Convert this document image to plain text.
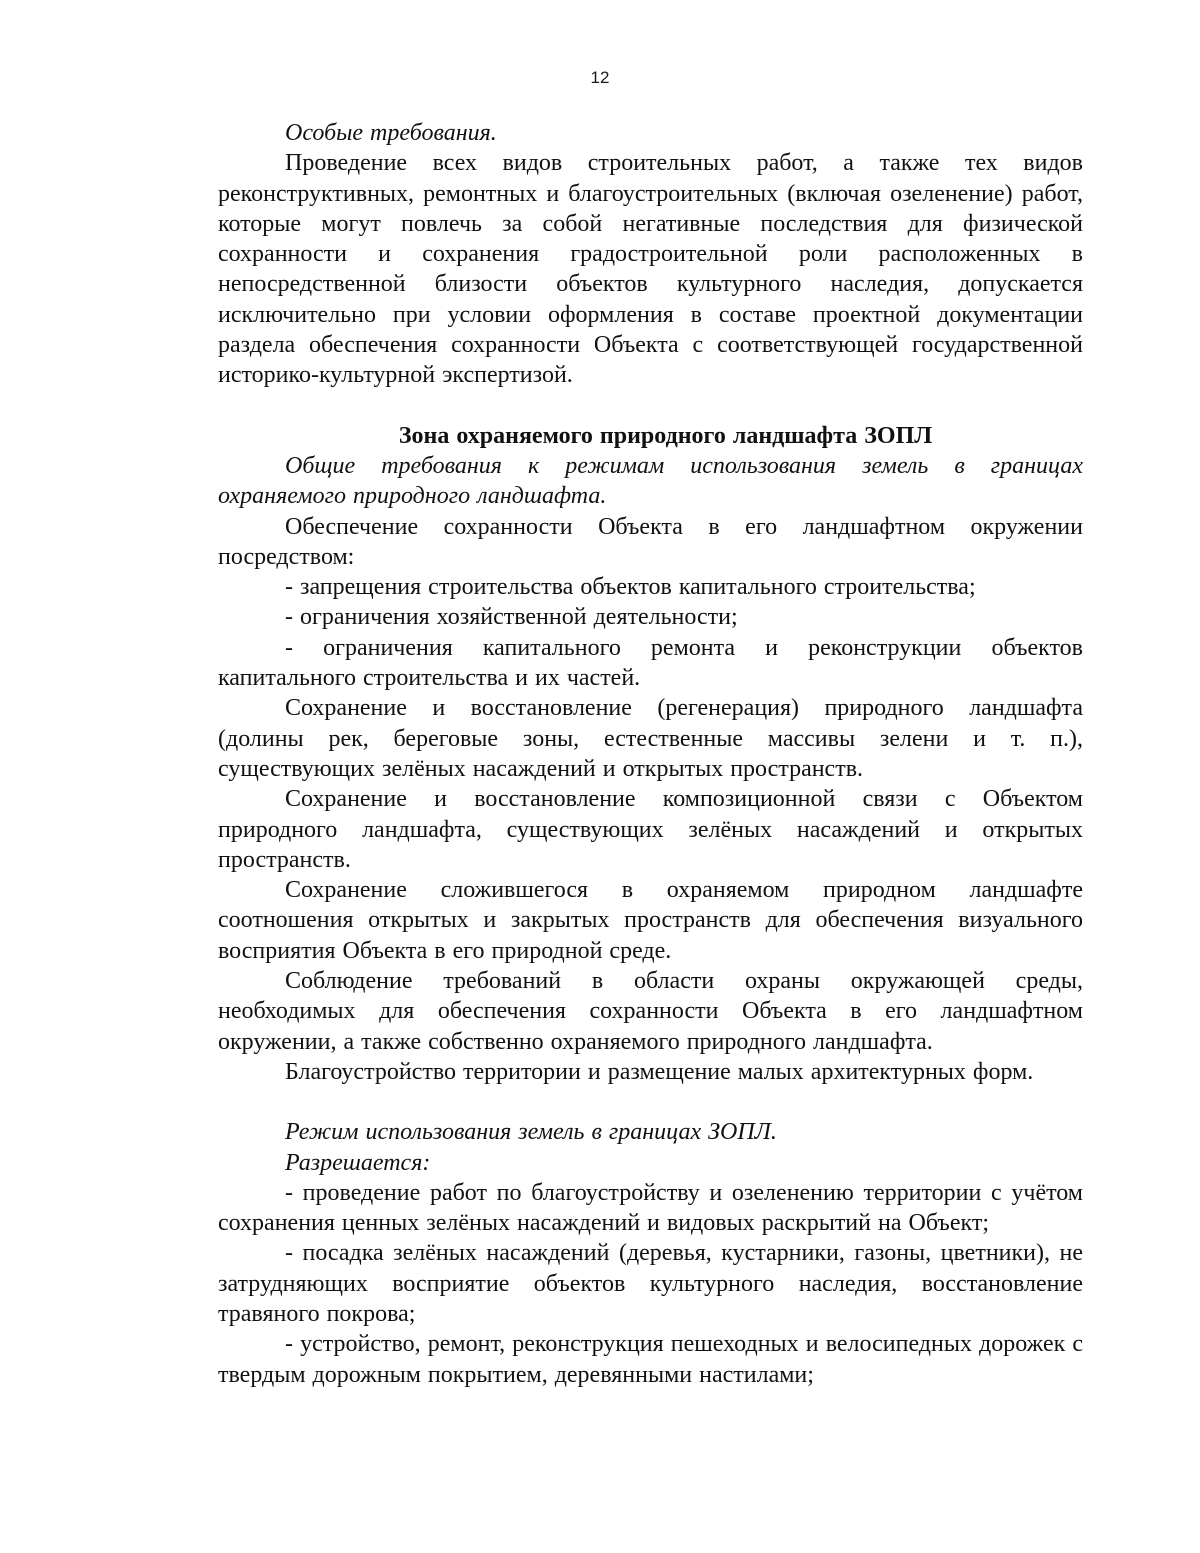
12

Особые требования.

Проведение всех видов строительных работ, а также тех видов реконструктивных, ремонтных и благоустроительных (включая озеленение) работ, которые могут повлечь за собой негативные последствия для физической сохранности и сохранения градостроительной роли расположенных в непосредственной близости объектов культурного наследия, допускается исключительно при условии оформления в составе проектной документации раздела обеспечения сохранности Объекта с соответствующей государственной историко-культурной экспертизой.

Зона охраняемого природного ландшафта ЗОПЛ

Общие требования к режимам использования земель в границах охраняемого природного ландшафта.

Обеспечение сохранности Объекта в его ландшафтном окружении посредством:

- запрещения строительства объектов капитального строительства;

- ограничения хозяйственной деятельности;

- ограничения капитального ремонта и реконструкции объектов капитального строительства и их частей.

Сохранение и восстановление (регенерация) природного ландшафта (долины рек, береговые зоны, естественные массивы зелени и т. п.), существующих зелёных насаждений и открытых пространств.

Сохранение и восстановление композиционной связи с Объектом природного ландшафта, существующих зелёных насаждений и открытых пространств.

Сохранение сложившегося в охраняемом природном ландшафте соотношения открытых и закрытых пространств для обеспечения визуального восприятия Объекта в его природной среде.

Соблюдение требований в области охраны окружающей среды, необходимых для обеспечения сохранности Объекта в его ландшафтном окружении, а также собственно охраняемого природного ландшафта.

Благоустройство территории и размещение малых архитектурных форм.

Режим использования земель в границах ЗОПЛ.

Разрешается:

- проведение работ по благоустройству и озеленению территории с учётом сохранения ценных зелёных насаждений и видовых раскрытий на Объект;

- посадка зелёных насаждений (деревья, кустарники, газоны, цветники), не затрудняющих восприятие объектов культурного наследия, восстановление травяного покрова;

- устройство, ремонт, реконструкция пешеходных и велосипедных дорожек с твердым дорожным покрытием, деревянными настилами;
